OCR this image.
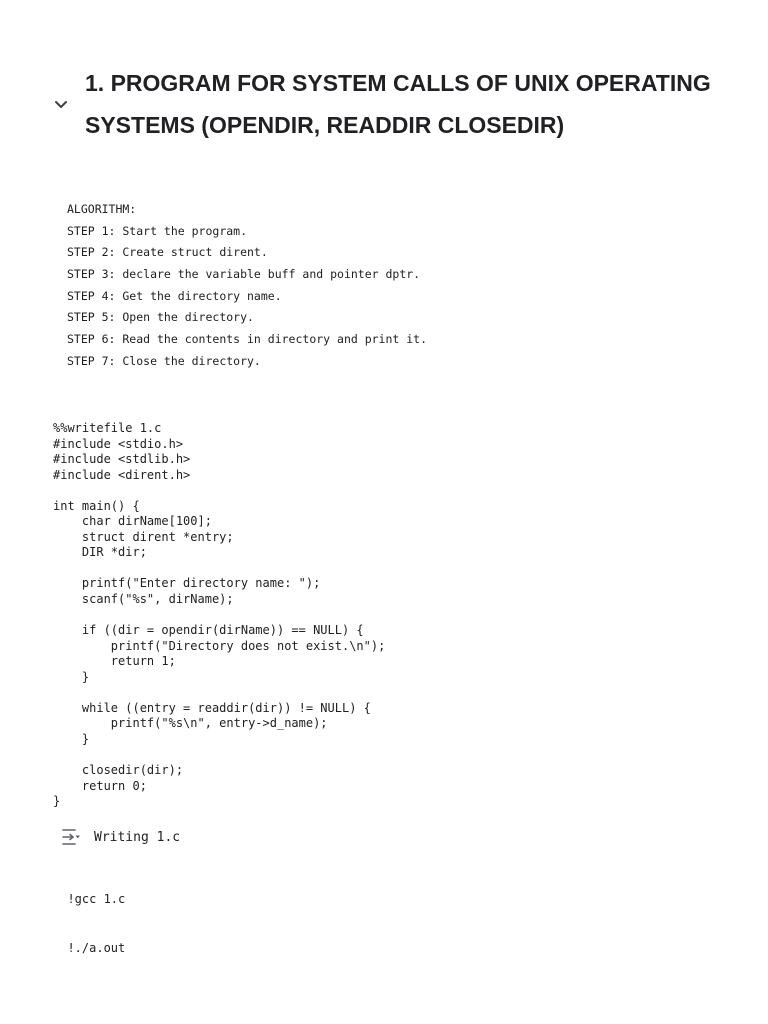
1. PROGRAM FOR SYSTEM CALLS OF UNIX OPERATING SYSTEMS (OPENDIR, READDIR CLOSEDIR)
ALGORITHM:
STEP 1: Start the program.
STEP 2: Create struct dirent.
STEP 3: declare the variable buff and pointer dptr.
STEP 4: Get the directory name.
STEP 5: Open the directory.
STEP 6: Read the contents in directory and print it.
STEP 7: Close the directory.
%%writefile 1.c
#include <stdio.h>
#include <stdlib.h>
#include <dirent.h>
int main() {
char dirName[100];
struct dirent *entry;
DIR *dir;
printf("Enter directory name: ");
scanf("%s", dirName);
if ((dir = opendir(dirName)) == NULL) {
printf("Directory does not exist.\n");
return 1;
}
while ((entry = readdir(dir)) != NULL) {
printf("%s\n", entry->d_name);
}
closedir(dir);
return 0;
}
Writing 1.c

!gcc 1.c

!./a.out
